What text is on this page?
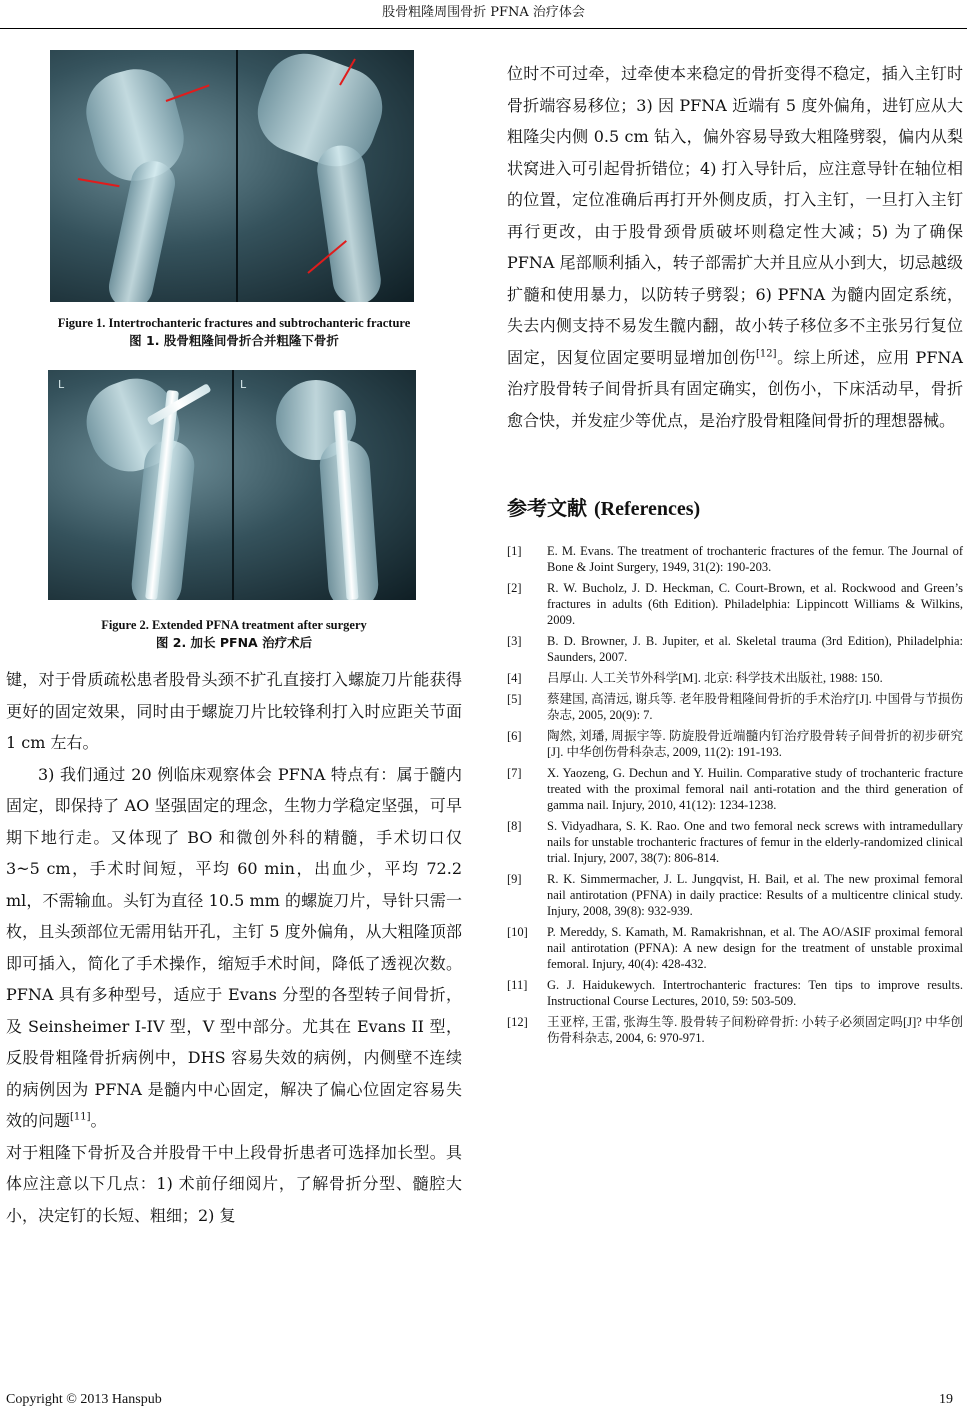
股骨粗隆周围骨折 PFNA 治疗体会
Figure 1. Intertrochanteric fractures and subtrochanteric fracture
图 1. 股骨粗隆间骨折合并粗隆下骨折
L	L
Figure 2. Extended PFNA treatment after surgery
图 2. 加长 PFNA 治疗术后

键，对于骨质疏松患者股骨头颈不扩孔直接打入螺旋刀片能获得更好的固定效果，同时由于螺旋刀片比较锋利打入时应距关节面 1 cm 左右。

3) 我们通过 20 例临床观察体会 PFNA 特点有：属于髓内固定，即保持了 AO 坚强固定的理念，生物力学稳定坚强，可早期下地行走。又体现了 BO 和微创外科的精髓，手术切口仅 3~5 cm，手术时间短，平均 60 min，出血少，平均 72.2 ml，不需输血。头钉为直径 10.5 mm 的螺旋刀片，导针只需一枚，且头颈部位无需用钻开孔，主钉 5 度外偏角，从大粗隆顶部即可插入，简化了手术操作，缩短手术时间，降低了透视次数。PFNA 具有多种型号，适应于 Evans 分型的各型转子间骨折，及 Seinsheimer I-IV 型，V 型中部分。尤其在 Evans II 型，反股骨粗隆骨折病例中，DHS 容易失效的病例，内侧壁不连续的病例因为 PFNA 是髓内中心固定，解决了偏心位固定容易失效的问题[11]。

对于粗隆下骨折及合并股骨干中上段骨折患者可选择加长型。具体应注意以下几点：1) 术前仔细阅片，了解骨折分型、髓腔大小，决定钉的长短、粗细；2) 复

位时不可过牵，过牵使本来稳定的骨折变得不稳定，插入主钉时骨折端容易移位；3) 因 PFNA 近端有 5 度外偏角，进钉应从大粗隆尖内侧 0.5 cm 钻入，偏外容易导致大粗隆劈裂，偏内从梨状窝进入可引起骨折错位；4) 打入导针后，应注意导针在轴位相的位置，定位准确后再打开外侧皮质，打入主钉，一旦打入主钉再行更改，由于股骨颈骨质破坏则稳定性大减；5) 为了确保 PFNA 尾部顺利插入，转子部需扩大并且应从小到大，切忌越级扩髓和使用暴力，以防转子劈裂；6) PFNA 为髓内固定系统，失去内侧支持不易发生髋内翻，故小转子移位多不主张另行复位固定，因复位固定要明显增加创伤[12]。综上所述，应用 PFNA 治疗股骨转子间骨折具有固定确实，创伤小，下床活动早，骨折愈合快，并发症少等优点，是治疗股骨粗隆间骨折的理想器械。

参考文献 (References)
[1]	E. M. Evans. The treatment of trochanteric fractures of the femur. The Journal of Bone & Joint Surgery, 1949, 31(2): 190-203.
[2]	R. W. Bucholz, J. D. Heckman, C. Court-Brown, et al. Rockwood and Green’s fractures in adults (6th Edition). Philadelphia: Lippincott Williams & Wilkins, 2009.
[3]	B. D. Browner, J. B. Jupiter, et al. Skeletal trauma (3rd Edition), Philadelphia: Saunders, 2007.
[4]	吕厚山. 人工关节外科学[M]. 北京: 科学技术出版社, 1988: 150.
[5]	蔡建国, 高清远, 谢兵等. 老年股骨粗隆间骨折的手术治疗[J]. 中国骨与节损伤杂志, 2005, 20(9): 7.
[6]	陶然, 刘璠, 周振宇等. 防旋股骨近端髓内钉治疗股骨转子间骨折的初步研究[J]. 中华创伤骨科杂志, 2009, 11(2): 191-193.
[7]	X. Yaozeng, G. Dechun and Y. Huilin. Comparative study of trochanteric fracture treated with the proximal femoral nail anti-rotation and the third generation of gamma nail. Injury, 2010, 41(12): 1234-1238.
[8]	S. Vidyadhara, S. K. Rao. One and two femoral neck screws with intramedullary nails for unstable trochanteric fractures of femur in the elderly-randomized clinical trial. Injury, 2007, 38(7): 806-814.
[9]	R. K. Simmermacher, J. L. Jungqvist, H. Bail, et al. The new proximal femoral nail antirotation (PFNA) in daily practice: Results of a multicentre clinical study. Injury, 2008, 39(8): 932-939.
[10]	P. Mereddy, S. Kamath, M. Ramakrishnan, et al. The AO/ASIF proximal femoral nail antirotation (PFNA): A new design for the treatment of unstable proximal femoral. Injury, 40(4): 428-432.
[11]	G. J. Haidukewych. Intertrochanteric fractures: Ten tips to improve results. Instructional Course Lectures, 2010, 59: 503-509.
[12]	王亚梓, 王雷, 张海生等. 股骨转子间粉碎骨折: 小转子必须固定吗[J]? 中华创伤骨科杂志, 2004, 6: 970-971.
Copyright © 2013 Hanspub	19
